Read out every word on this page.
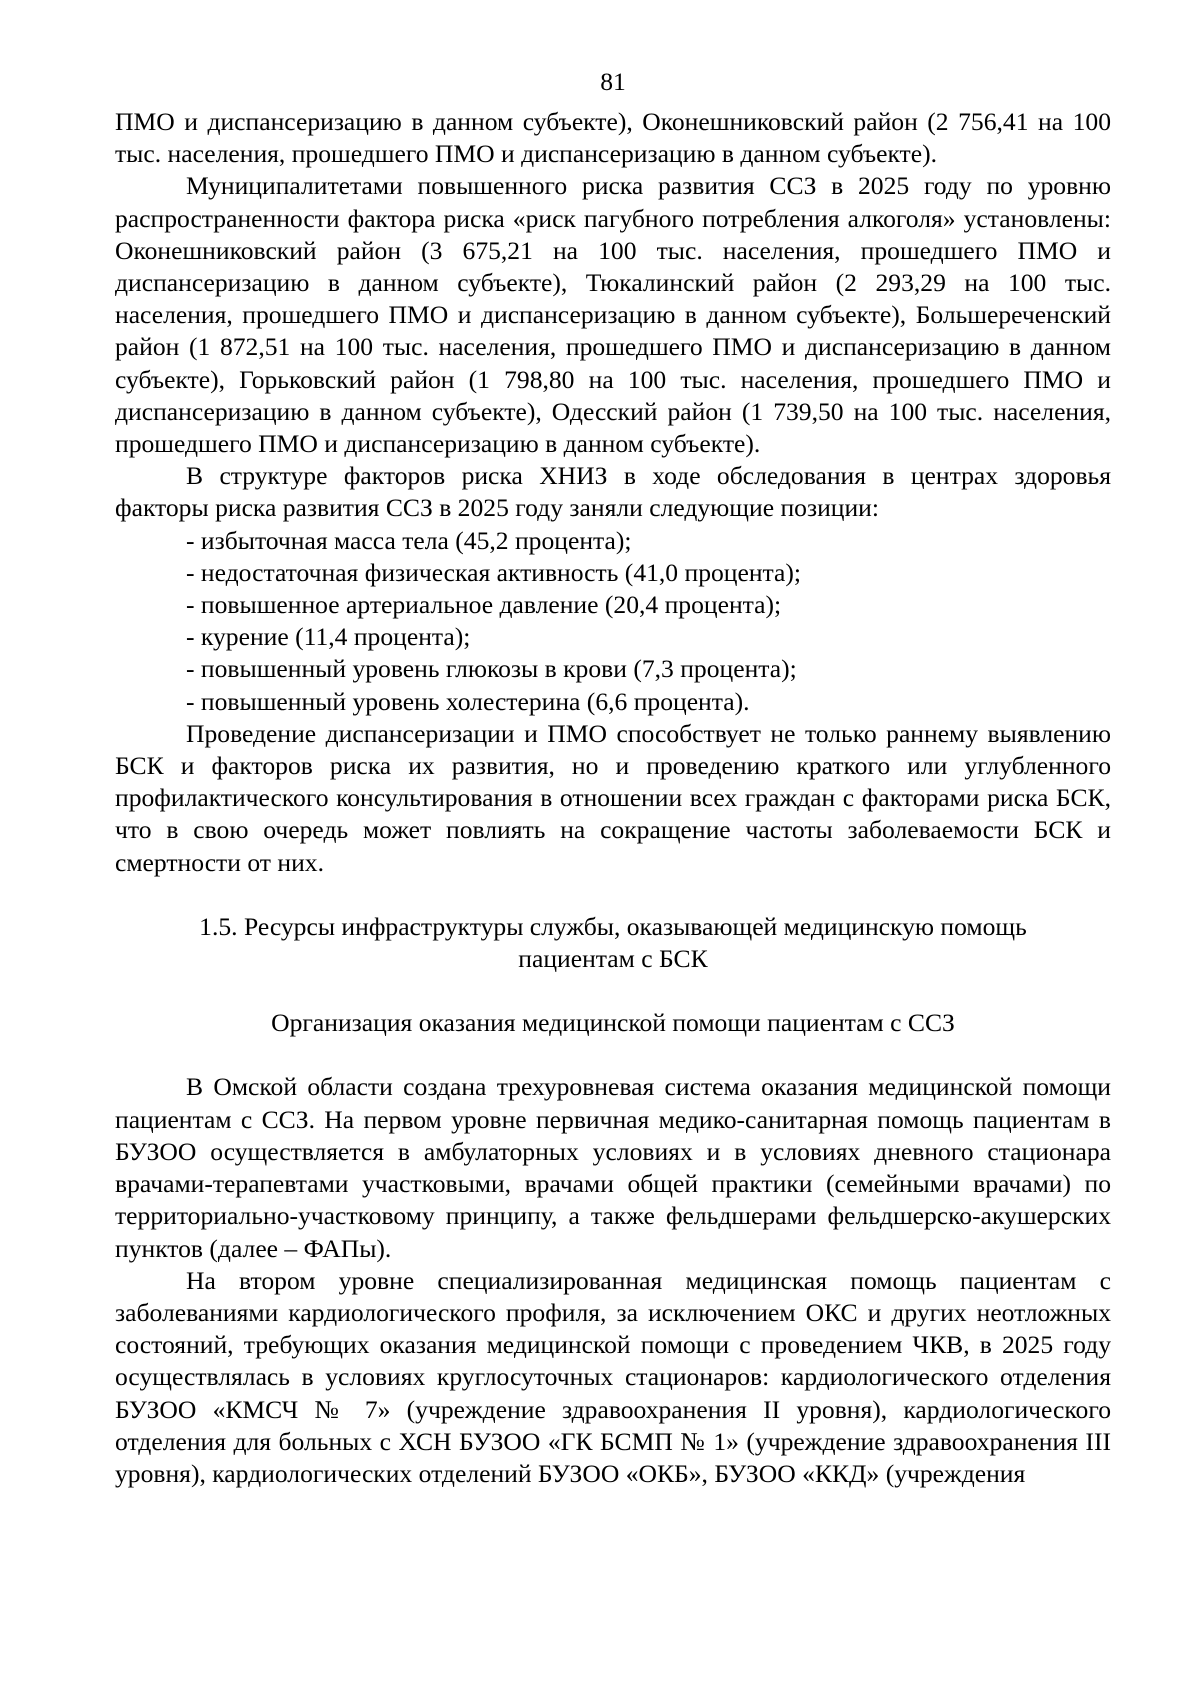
81

ПМО и диспансеризацию в данном субъекте), Оконешниковский район (2 756,41 на 100 тыс. населения, прошедшего ПМО и диспансеризацию в данном субъекте).

Муниципалитетами повышенного риска развития ССЗ в 2025 году по уровню распространенности фактора риска «риск пагубного потребления алкоголя» установлены: Оконешниковский район (3 675,21 на 100 тыс. населения, прошедшего ПМО и диспансеризацию в данном субъекте), Тюкалинский район (2 293,29 на 100 тыс. населения, прошедшего ПМО и диспансеризацию в данном субъекте), Большереченский район (1 872,51 на 100 тыс. населения, прошедшего ПМО и диспансеризацию в данном субъекте), Горьковский район (1 798,80 на 100 тыс. населения, прошедшего ПМО и диспансеризацию в данном субъекте), Одесский район (1 739,50 на 100 тыс. населения, прошедшего ПМО и диспансеризацию в данном субъекте).

В структуре факторов риска ХНИЗ в ходе обследования в центрах здоровья факторы риска развития ССЗ в 2025 году заняли следующие позиции:

- избыточная масса тела (45,2 процента);
- недостаточная физическая активность (41,0 процента);
- повышенное артериальное давление (20,4 процента);
- курение (11,4 процента);
- повышенный уровень глюкозы в крови (7,3 процента);
- повышенный уровень холестерина (6,6 процента).

Проведение диспансеризации и ПМО способствует не только раннему выявлению БСК и факторов риска их развития, но и проведению краткого или углубленного профилактического консультирования в отношении всех граждан с факторами риска БСК, что в свою очередь может повлиять на сокращение частоты заболеваемости БСК и смертности от них.

1.5. Ресурсы инфраструктуры службы, оказывающей медицинскую помощь
пациентам с БСК
Организация оказания медицинской помощи пациентам с ССЗ

В Омской области создана трехуровневая система оказания медицинской помощи пациентам с ССЗ. На первом уровне первичная медико-санитарная помощь пациентам в БУЗОО осуществляется в амбулаторных условиях и в условиях дневного стационара врачами-терапевтами участковыми, врачами общей практики (семейными врачами) по территориально-участковому принципу, а также фельдшерами фельдшерско-акушерских пунктов (далее – ФАПы).

На втором уровне специализированная медицинская помощь пациентам с заболеваниями кардиологического профиля, за исключением ОКС и других неотложных состояний, требующих оказания медицинской помощи с проведением ЧКВ, в 2025 году осуществлялась в условиях круглосуточных стационаров: кардиологического отделения БУЗОО «КМСЧ № 7» (учреждение здравоохранения II уровня), кардиологического отделения для больных с ХСН БУЗОО «ГК БСМП № 1» (учреждение здравоохранения III уровня), кардиологических отделений БУЗОО «ОКБ», БУЗОО «ККД» (учреждения
